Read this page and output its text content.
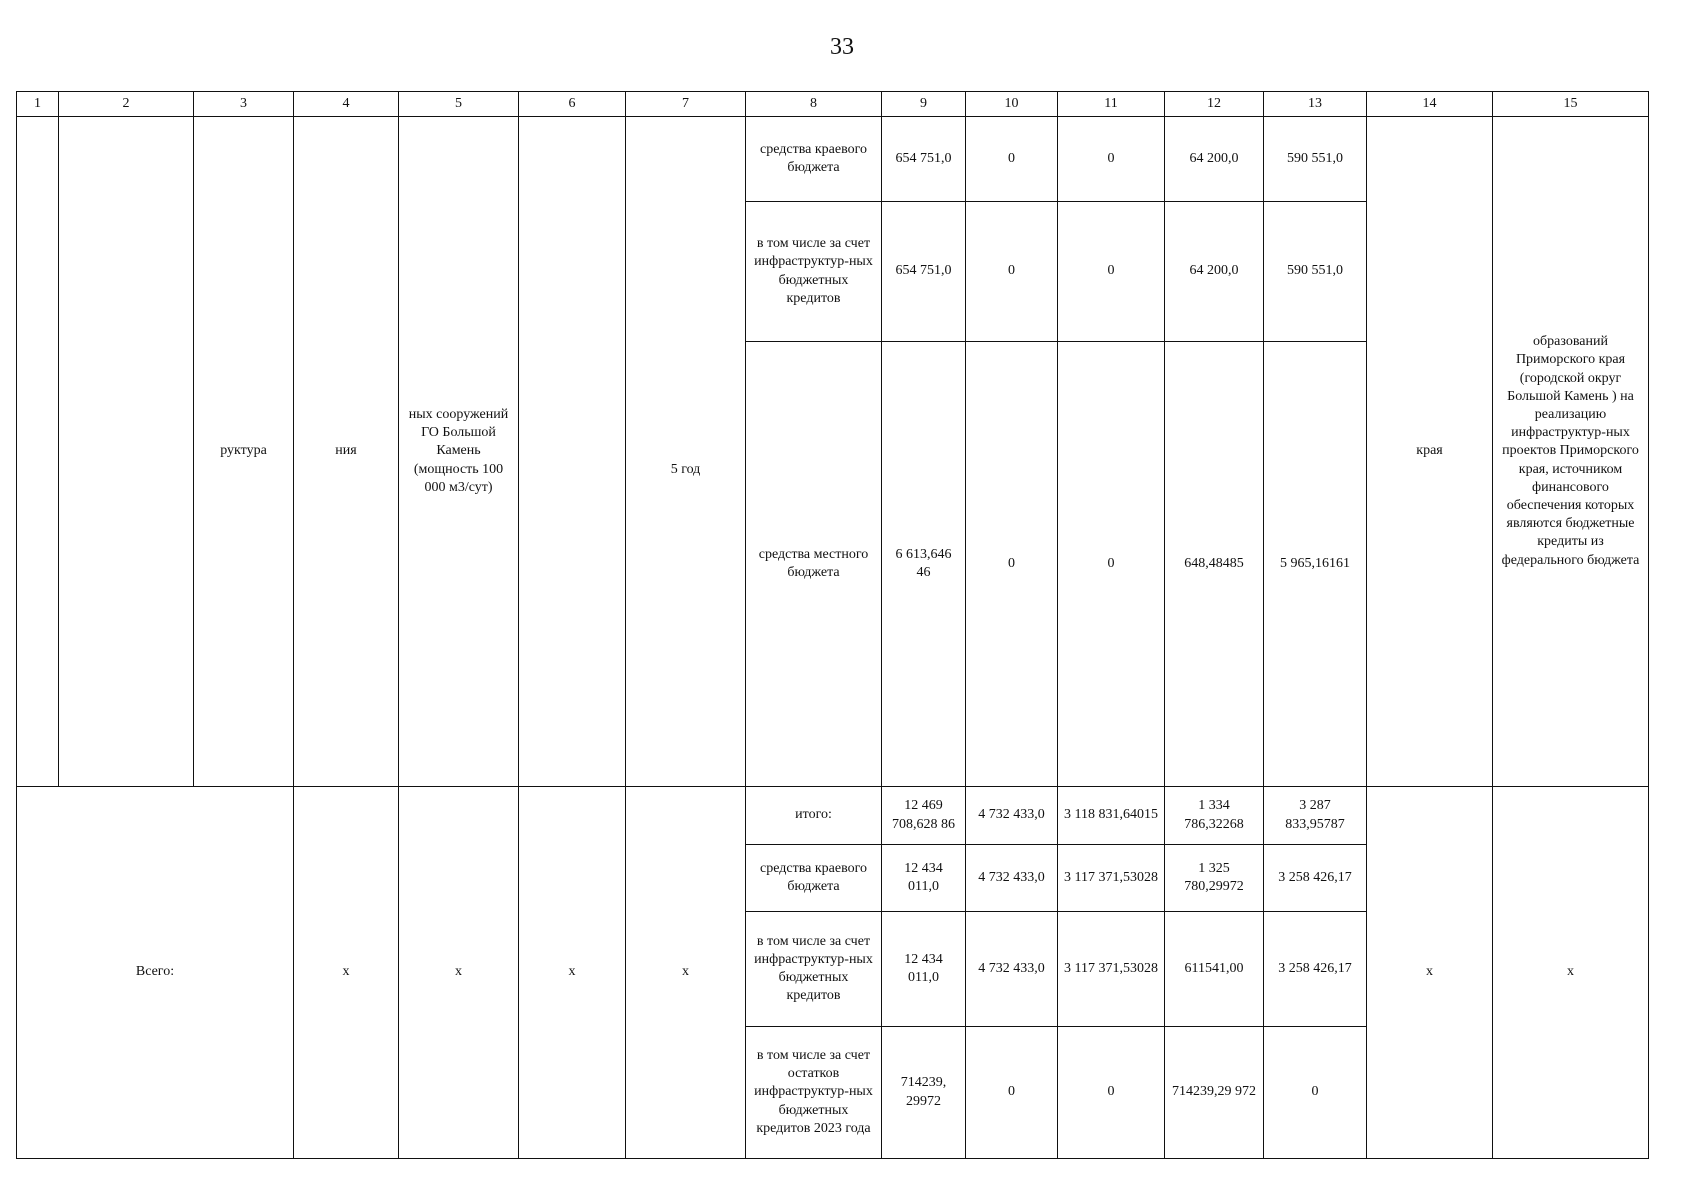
33
1	2	3	4	5	6	7	8	9	10	11	12	13	14	15
		руктура	ния	ных сооружений ГО Большой Камень (мощность 100 000 м3/сут)		5 год	средства краевого бюджета	654 751,0	0	0	64 200,0	590 551,0	края	образований Приморского края (городской округ Большой Камень ) на реализацию инфраструктур-ных проектов Приморского края, источником финансового обеспечения которых являются бюджетные кредиты из федерального бюджета
							в том числе за счет инфраструктур-ных бюджетных кредитов	654 751,0	0	0	64 200,0	590 551,0		
							средства местного бюджета	6 613,646 46	0	0	648,48485	5 965,16161		
Всего:			х	х	х	х	итого:	12 469 708,628 86	4 732 433,0	3 118 831,64015	1 334 786,32268	3 287 833,95787	х	х
							средства краевого бюджета	12 434 011,0	4 732 433,0	3 117 371,53028	1 325 780,29972	3 258 426,17		
							в том числе за счет инфраструктур-ных бюджетных кредитов	12 434 011,0	4 732 433,0	3 117 371,53028	611541,00	3 258 426,17		
							в том числе за счет остатков инфраструктур-ных бюджетных кредитов 2023 года	714239, 29972	0	0	714239,29 972	0		
